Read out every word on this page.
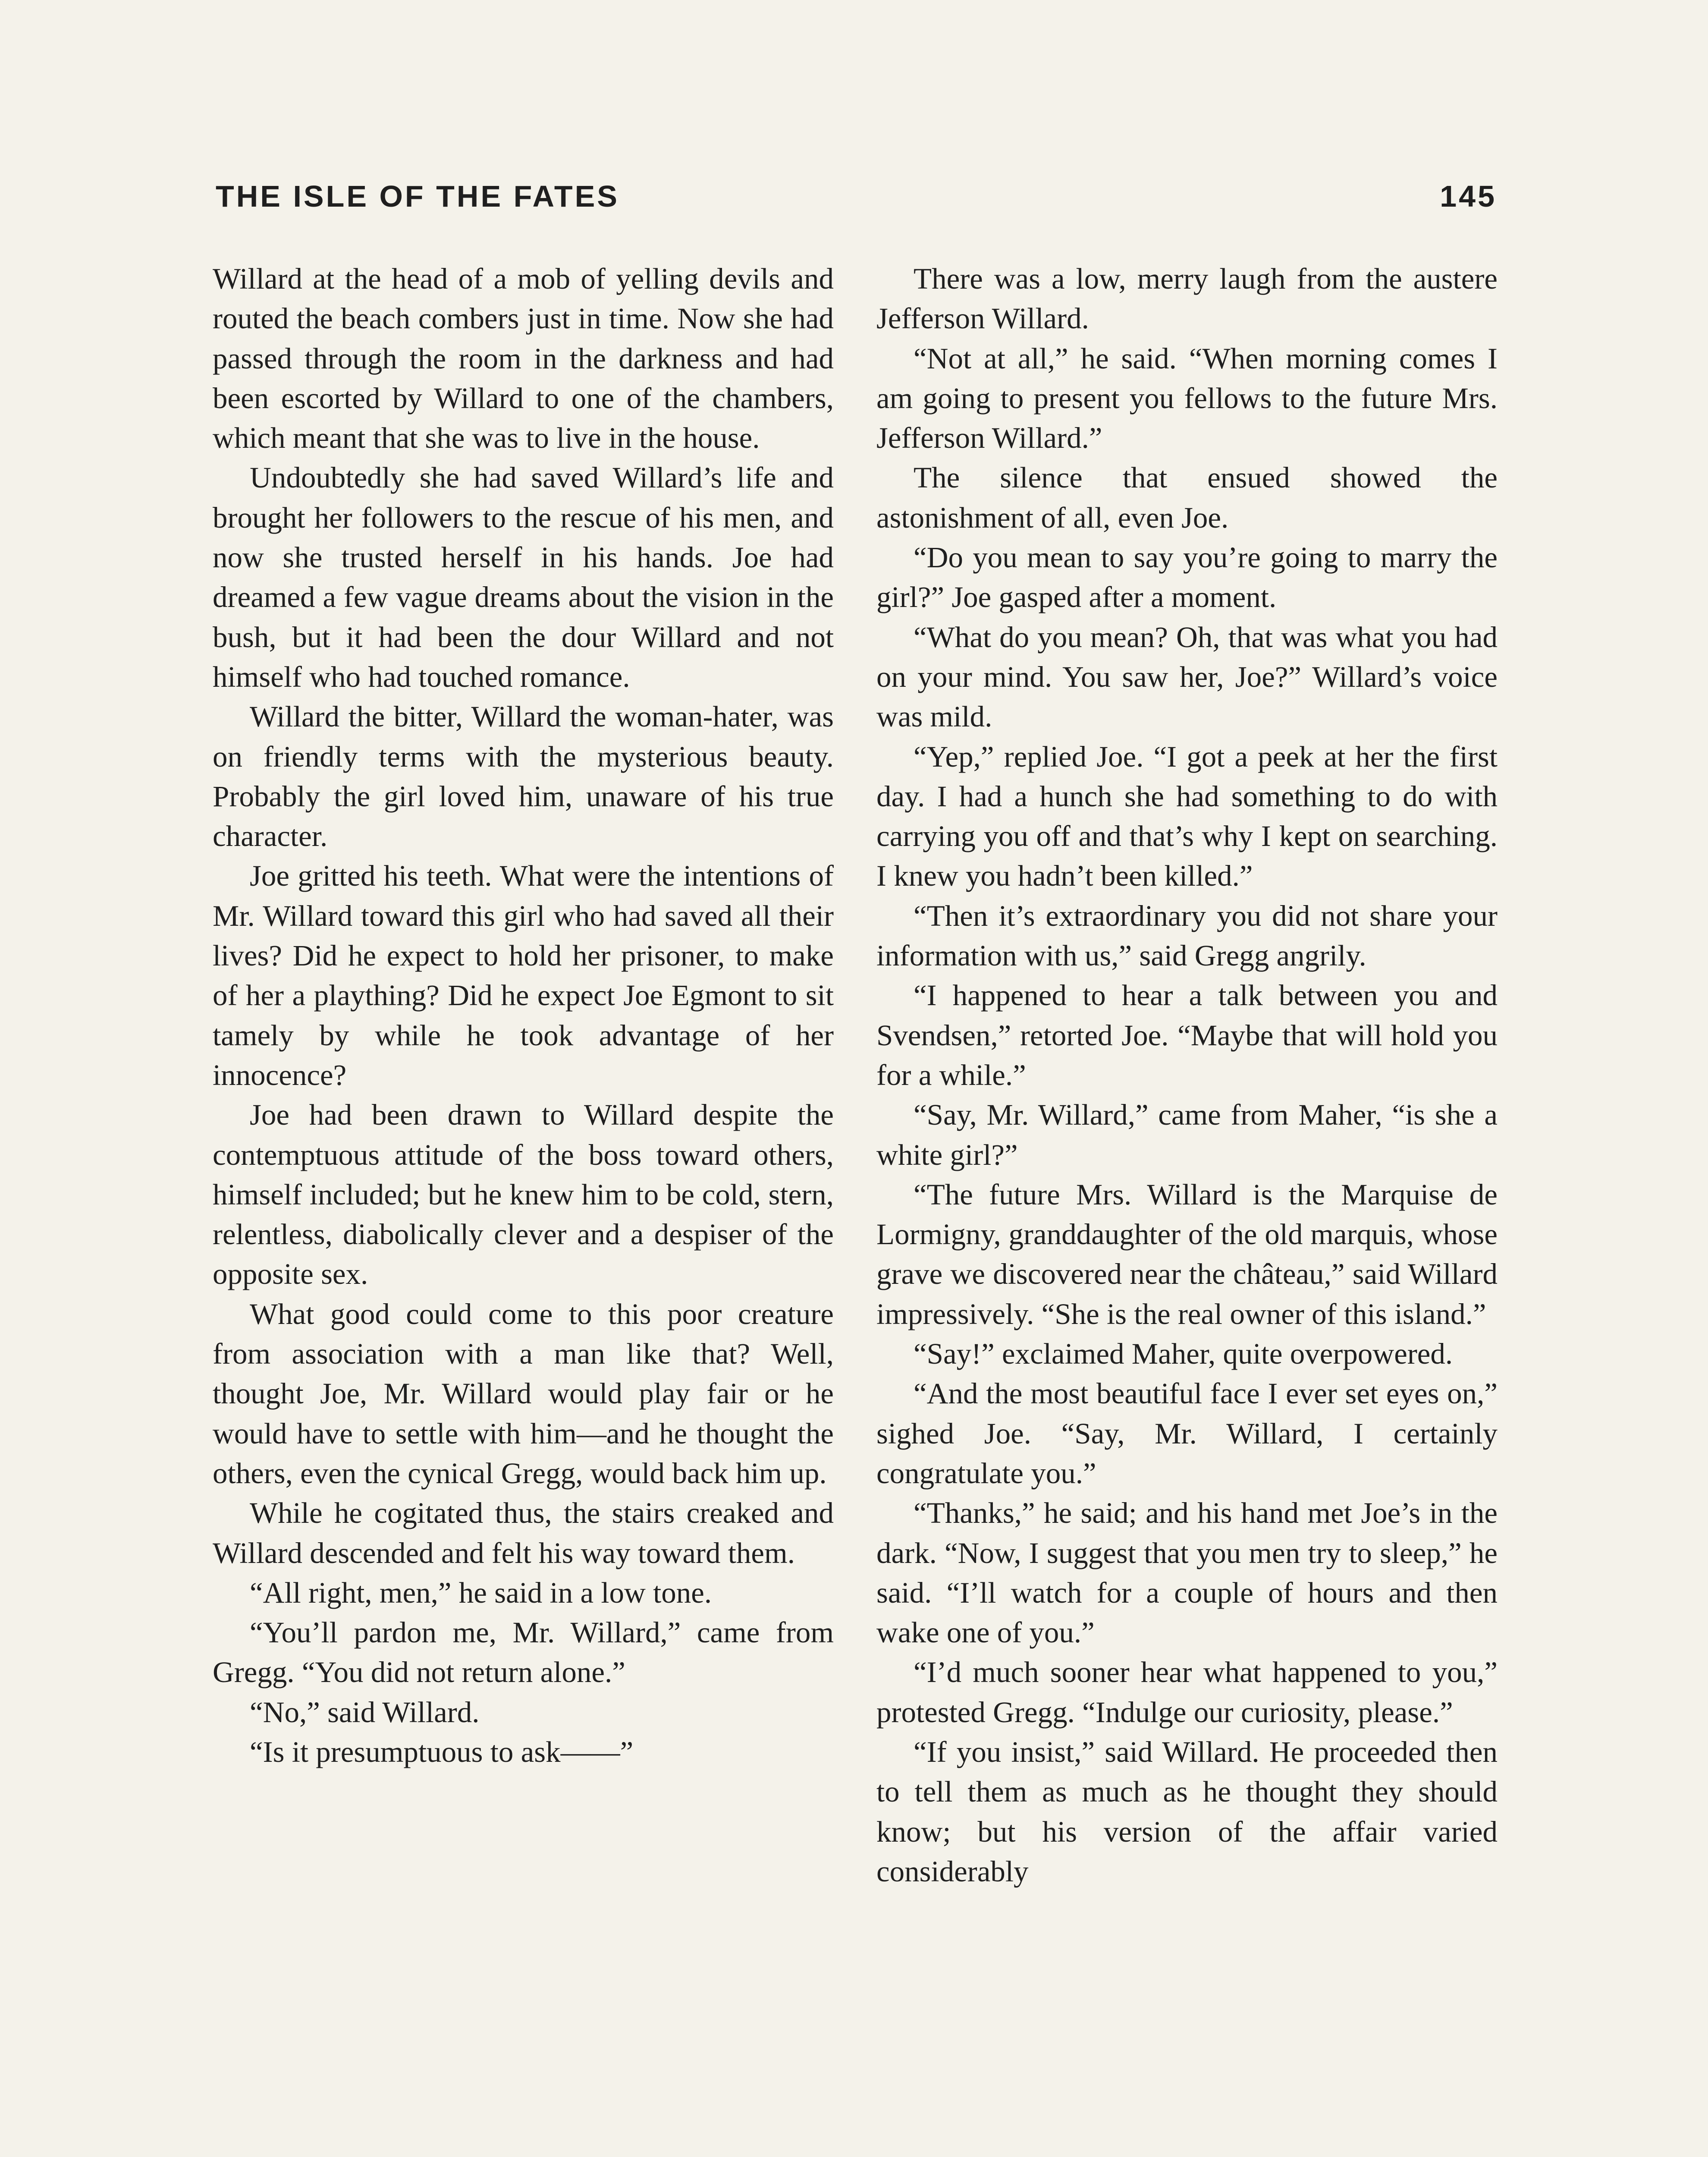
THE ISLE OF THE FATES	145

Willard at the head of a mob of yelling devils and routed the beach combers just in time. Now she had passed through the room in the darkness and had been escorted by Willard to one of the chambers, which meant that she was to live in the house.

Undoubtedly she had saved Willard’s life and brought her followers to the rescue of his men, and now she trusted herself in his hands. Joe had dreamed a few vague dreams about the vision in the bush, but it had been the dour Willard and not himself who had touched romance.

Willard the bitter, Willard the woman-hater, was on friendly terms with the mysterious beauty. Probably the girl loved him, unaware of his true character.

Joe gritted his teeth. What were the intentions of Mr. Willard toward this girl who had saved all their lives? Did he expect to hold her prisoner, to make of her a plaything? Did he expect Joe Egmont to sit tamely by while he took advantage of her innocence?

Joe had been drawn to Willard despite the contemptuous attitude of the boss toward others, himself included; but he knew him to be cold, stern, relentless, diabolically clever and a despiser of the opposite sex.

What good could come to this poor creature from association with a man like that? Well, thought Joe, Mr. Willard would play fair or he would have to settle with him—and he thought the others, even the cynical Gregg, would back him up.

While he cogitated thus, the stairs creaked and Willard descended and felt his way toward them.

“All right, men,” he said in a low tone.

“You’ll pardon me, Mr. Willard,” came from Gregg. “You did not return alone.”

“No,” said Willard.

“Is it presumptuous to ask——”

There was a low, merry laugh from the austere Jefferson Willard.

“Not at all,” he said. “When morning comes I am going to present you fellows to the future Mrs. Jefferson Willard.”

The silence that ensued showed the astonishment of all, even Joe.

“Do you mean to say you’re going to marry the girl?” Joe gasped after a moment.

“What do you mean? Oh, that was what you had on your mind. You saw her, Joe?” Willard’s voice was mild.

“Yep,” replied Joe. “I got a peek at her the first day. I had a hunch she had something to do with carrying you off and that’s why I kept on searching. I knew you hadn’t been killed.”

“Then it’s extraordinary you did not share your information with us,” said Gregg angrily.

“I happened to hear a talk between you and Svendsen,” retorted Joe. “Maybe that will hold you for a while.”

“Say, Mr. Willard,” came from Maher, “is she a white girl?”

“The future Mrs. Willard is the Marquise de Lormigny, granddaughter of the old marquis, whose grave we discovered near the château,” said Willard impressively. “She is the real owner of this island.”

“Say!” exclaimed Maher, quite overpowered.

“And the most beautiful face I ever set eyes on,” sighed Joe. “Say, Mr. Willard, I certainly congratulate you.”

“Thanks,” he said; and his hand met Joe’s in the dark. “Now, I suggest that you men try to sleep,” he said. “I’ll watch for a couple of hours and then wake one of you.”

“I’d much sooner hear what happened to you,” protested Gregg. “Indulge our curiosity, please.”

“If you insist,” said Willard. He proceeded then to tell them as much as he thought they should know; but his version of the affair varied considerably
